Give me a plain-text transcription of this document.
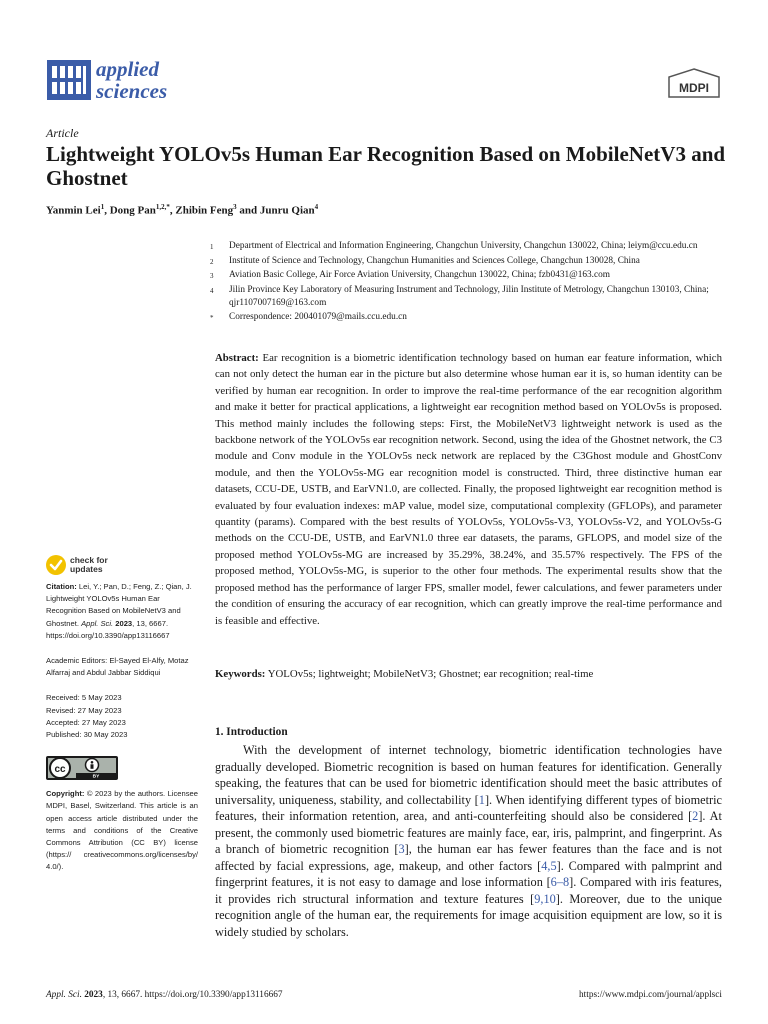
applied
sciences	MDPI
Article
Lightweight YOLOv5s Human Ear Recognition Based on MobileNetV3 and Ghostnet
Yanmin Lei$^1$, Dong Pan$^{1,2,*}$, Zhibin Feng$^3$ and Junru Qian$^4$
1	Department of Electrical and Information Engineering, Changchun University, Changchun 130022, China; leiym@ccu.edu.cn
2	Institute of Science and Technology, Changchun Humanities and Sciences College, Changchun 130028, China
3	Aviation Basic College, Air Force Aviation University, Changchun 130022, China; fzb0431@163.com
4	Jilin Province Key Laboratory of Measuring Instrument and Technology, Jilin Institute of Metrology, Changchun 130103, China; qjr1107007169@163.com
*	Correspondence: 200401079@mails.ccu.edu.cn
Abstract: Ear recognition is a biometric identification technology based on human ear feature information, which can not only detect the human ear in the picture but also determine whose human ear it is, so human identity can be verified by human ear recognition. In order to improve the real-time performance of the ear recognition algorithm and make it better for practical applications, a lightweight ear recognition method based on YOLOv5s is proposed. This method mainly includes the following steps: First, the MobileNetV3 lightweight network is used as the backbone network of the YOLOv5s ear recognition network. Second, using the idea of the Ghostnet network, the C3 module and Conv module in the YOLOv5s neck network are replaced by the C3Ghost module and GhostConv module, and then the YOLOv5s-MG ear recognition model is constructed. Third, three distinctive human ear datasets, CCU-DE, USTB, and EarVN1.0, are collected. Finally, the proposed lightweight ear recognition method is evaluated by four evaluation indexes: mAP value, model size, computational complexity (GFLOPs), and parameter quantity (params). Compared with the best results of YOLOv5s, YOLOv5s-V3, YOLOv5s-V2, and YOLOv5s-G methods on the CCU-DE, USTB, and EarVN1.0 three ear datasets, the params, GFLOPS, and model size of the proposed method YOLOv5s-MG are increased by 35.29%, 38.24%, and 35.57% respectively. The FPS of the proposed method, YOLOv5s-MG, is superior to the other four methods. The experimental results show that the proposed method has the performance of larger FPS, smaller model, fewer calculations, and fewer parameters under the condition of ensuring the accuracy of ear recognition, which can greatly improve the real-time performance and is feasible and effective.
Keywords: YOLOv5s; lightweight; MobileNetV3; Ghostnet; ear recognition; real-time
check for
updates

Citation: Lei, Y.; Pan, D.; Feng, Z.; Qian, J. Lightweight YOLOv5s Human Ear Recognition Based on MobileNetV3 and Ghostnet. Appl. Sci. 2023, 13, 6667. https://doi.org/10.3390/app13116667

Academic Editors: El-Sayed El-Alfy, Motaz Alfarraj and Abdul Jabbar Siddiqui

Received: 5 May 2023

Revised: 27 May 2023

Accepted: 27 May 2023

Published: 30 May 2023

cc
BY

Copyright: © 2023 by the authors. Licensee MDPI, Basel, Switzerland. This article is an open access article distributed under the terms and conditions of the Creative Commons Attribution (CC BY) license (https:// creativecommons.org/licenses/by/ 4.0/).

1. Introduction
With the development of internet technology, biometric identification technologies have gradually developed. Biometric recognition is based on human features for identification. Generally speaking, the features that can be used for biometric identification should meet the basic attributes of universality, uniqueness, stability, and collectability [1]. When identifying different types of biometric features, their information retention, area, and anti-counterfeiting should also be considered [2]. At present, the commonly used biometric features are mainly face, ear, iris, palmprint, and fingerprint. As a branch of biometric recognition [3], the human ear has fewer features than the face and is not affected by facial expressions, age, makeup, and other factors [4,5]. Compared with palmprint and fingerprint features, it is not easy to damage and lose information [6–8]. Compared with iris features, it provides rich structural information and texture features [9,10]. Moreover, due to the unique recognition angle of the human ear, the requirements for image acquisition equipment are low, so it is widely studied by scholars.
Appl. Sci. 2023, 13, 6667. https://doi.org/10.3390/app13116667	https://www.mdpi.com/journal/applsci
